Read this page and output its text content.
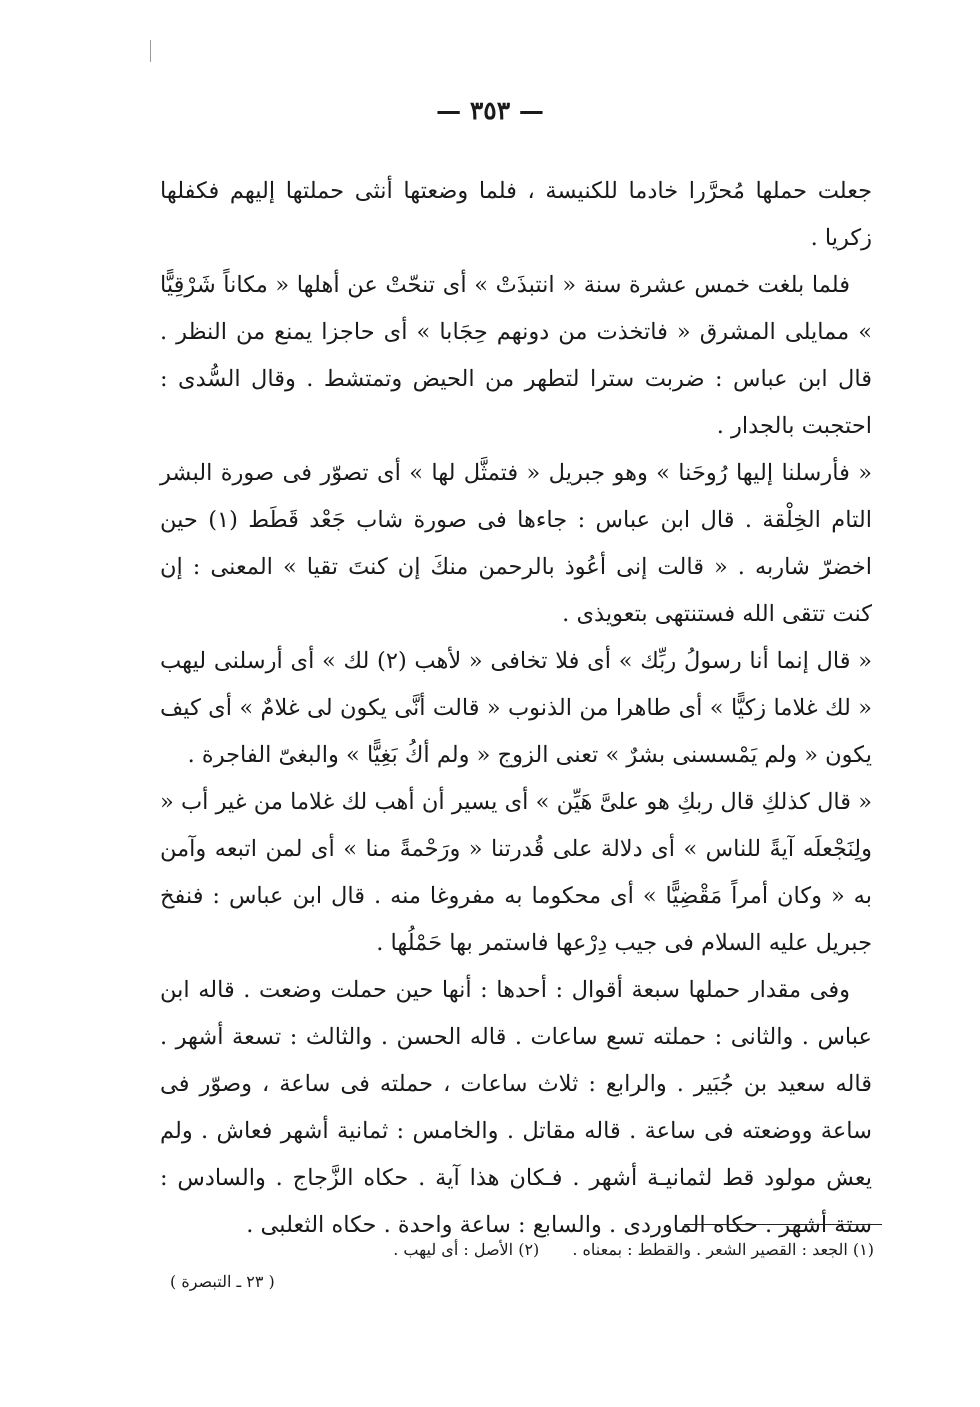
— ٣٥٣ —

جعلت حملها مُحرَّرا خادما للكنيسة ، فلما وضعتها أنثى حملتها إليهم فكفلها زكريا .

فلما بلغت خمس عشرة سنة « انتبذَتْ » أى تنحّتْ عن أهلها « مكاناً شَرْقِيًّا » ممايلى المشرق « فاتخذت من دونهم حِجَابا » أى حاجزا يمنع من النظر . قال ابن عباس : ضربت سترا لتطهر من الحيض وتمتشط . وقال السُّدى : احتجبت بالجدار .

« فأرسلنا إليها رُوحَنا » وهو جبريل « فتمثَّل لها » أى تصوّر فى صورة البشر التام الخِلْقة . قال ابن عباس : جاءها فى صورة شاب جَعْد قَطَط (١) حين اخضرّ شاربه . « قالت إنى أعُوذ بالرحمن منكَ إن كنتَ تقيا » المعنى : إن كنت تتقى الله فستنتهى بتعويذى .

« قال إنما أنا رسولُ ربِّك » أى فلا تخافى « لأهب (٢) لك » أى أرسلنى ليهب « لك غلاما زكيًّا » أى طاهرا من الذنوب « قالت أنَّى يكون لى غلامٌ » أى كيف يكون « ولم يَمْسسنى بشرٌ » تعنى الزوج « ولم أكُ بَغِيًّا » والبغىّ الفاجرة .

« قال كذلكِ قال ربكِ هو علىَّ هَيِّن » أى يسير أن أهب لك غلاما من غير أب « ولِنَجْعلَه آيةً للناس » أى دلالة على قُدرتنا « ورَحْمةً منا » أى لمن اتبعه وآمن به « وكان أمراً مَقْضِيًّا » أى محكوما به مفروغا منه . قال ابن عباس : فنفخ جبريل عليه السلام فى جيب دِرْعها فاستمر بها حَمْلُها .

وفى مقدار حملها سبعة أقوال : أحدها : أنها حين حملت وضعت . قاله ابن عباس . والثانى : حملته تسع ساعات . قاله الحسن . والثالث : تسعة أشهر . قاله سعيد بن جُبَير . والرابع : ثلاث ساعات ، حملته فى ساعة ، وصوّر فى ساعة ووضعته فى ساعة . قاله مقاتل . والخامس : ثمانية أشهر فعاش . ولم يعش مولود قط لثمانيـة أشهر . فـكان هذا آية . حكاه الزَّجاج . والسادس : ستة أشهر . حكاه الماوردى . والسابع : ساعة واحدة . حكاه الثعلبى .

(١) الجعد : القصير الشعر . والقطط : بمعناه . (٢) الأصل : أى ليهب .
( ٢٣ ـ التبصرة )
